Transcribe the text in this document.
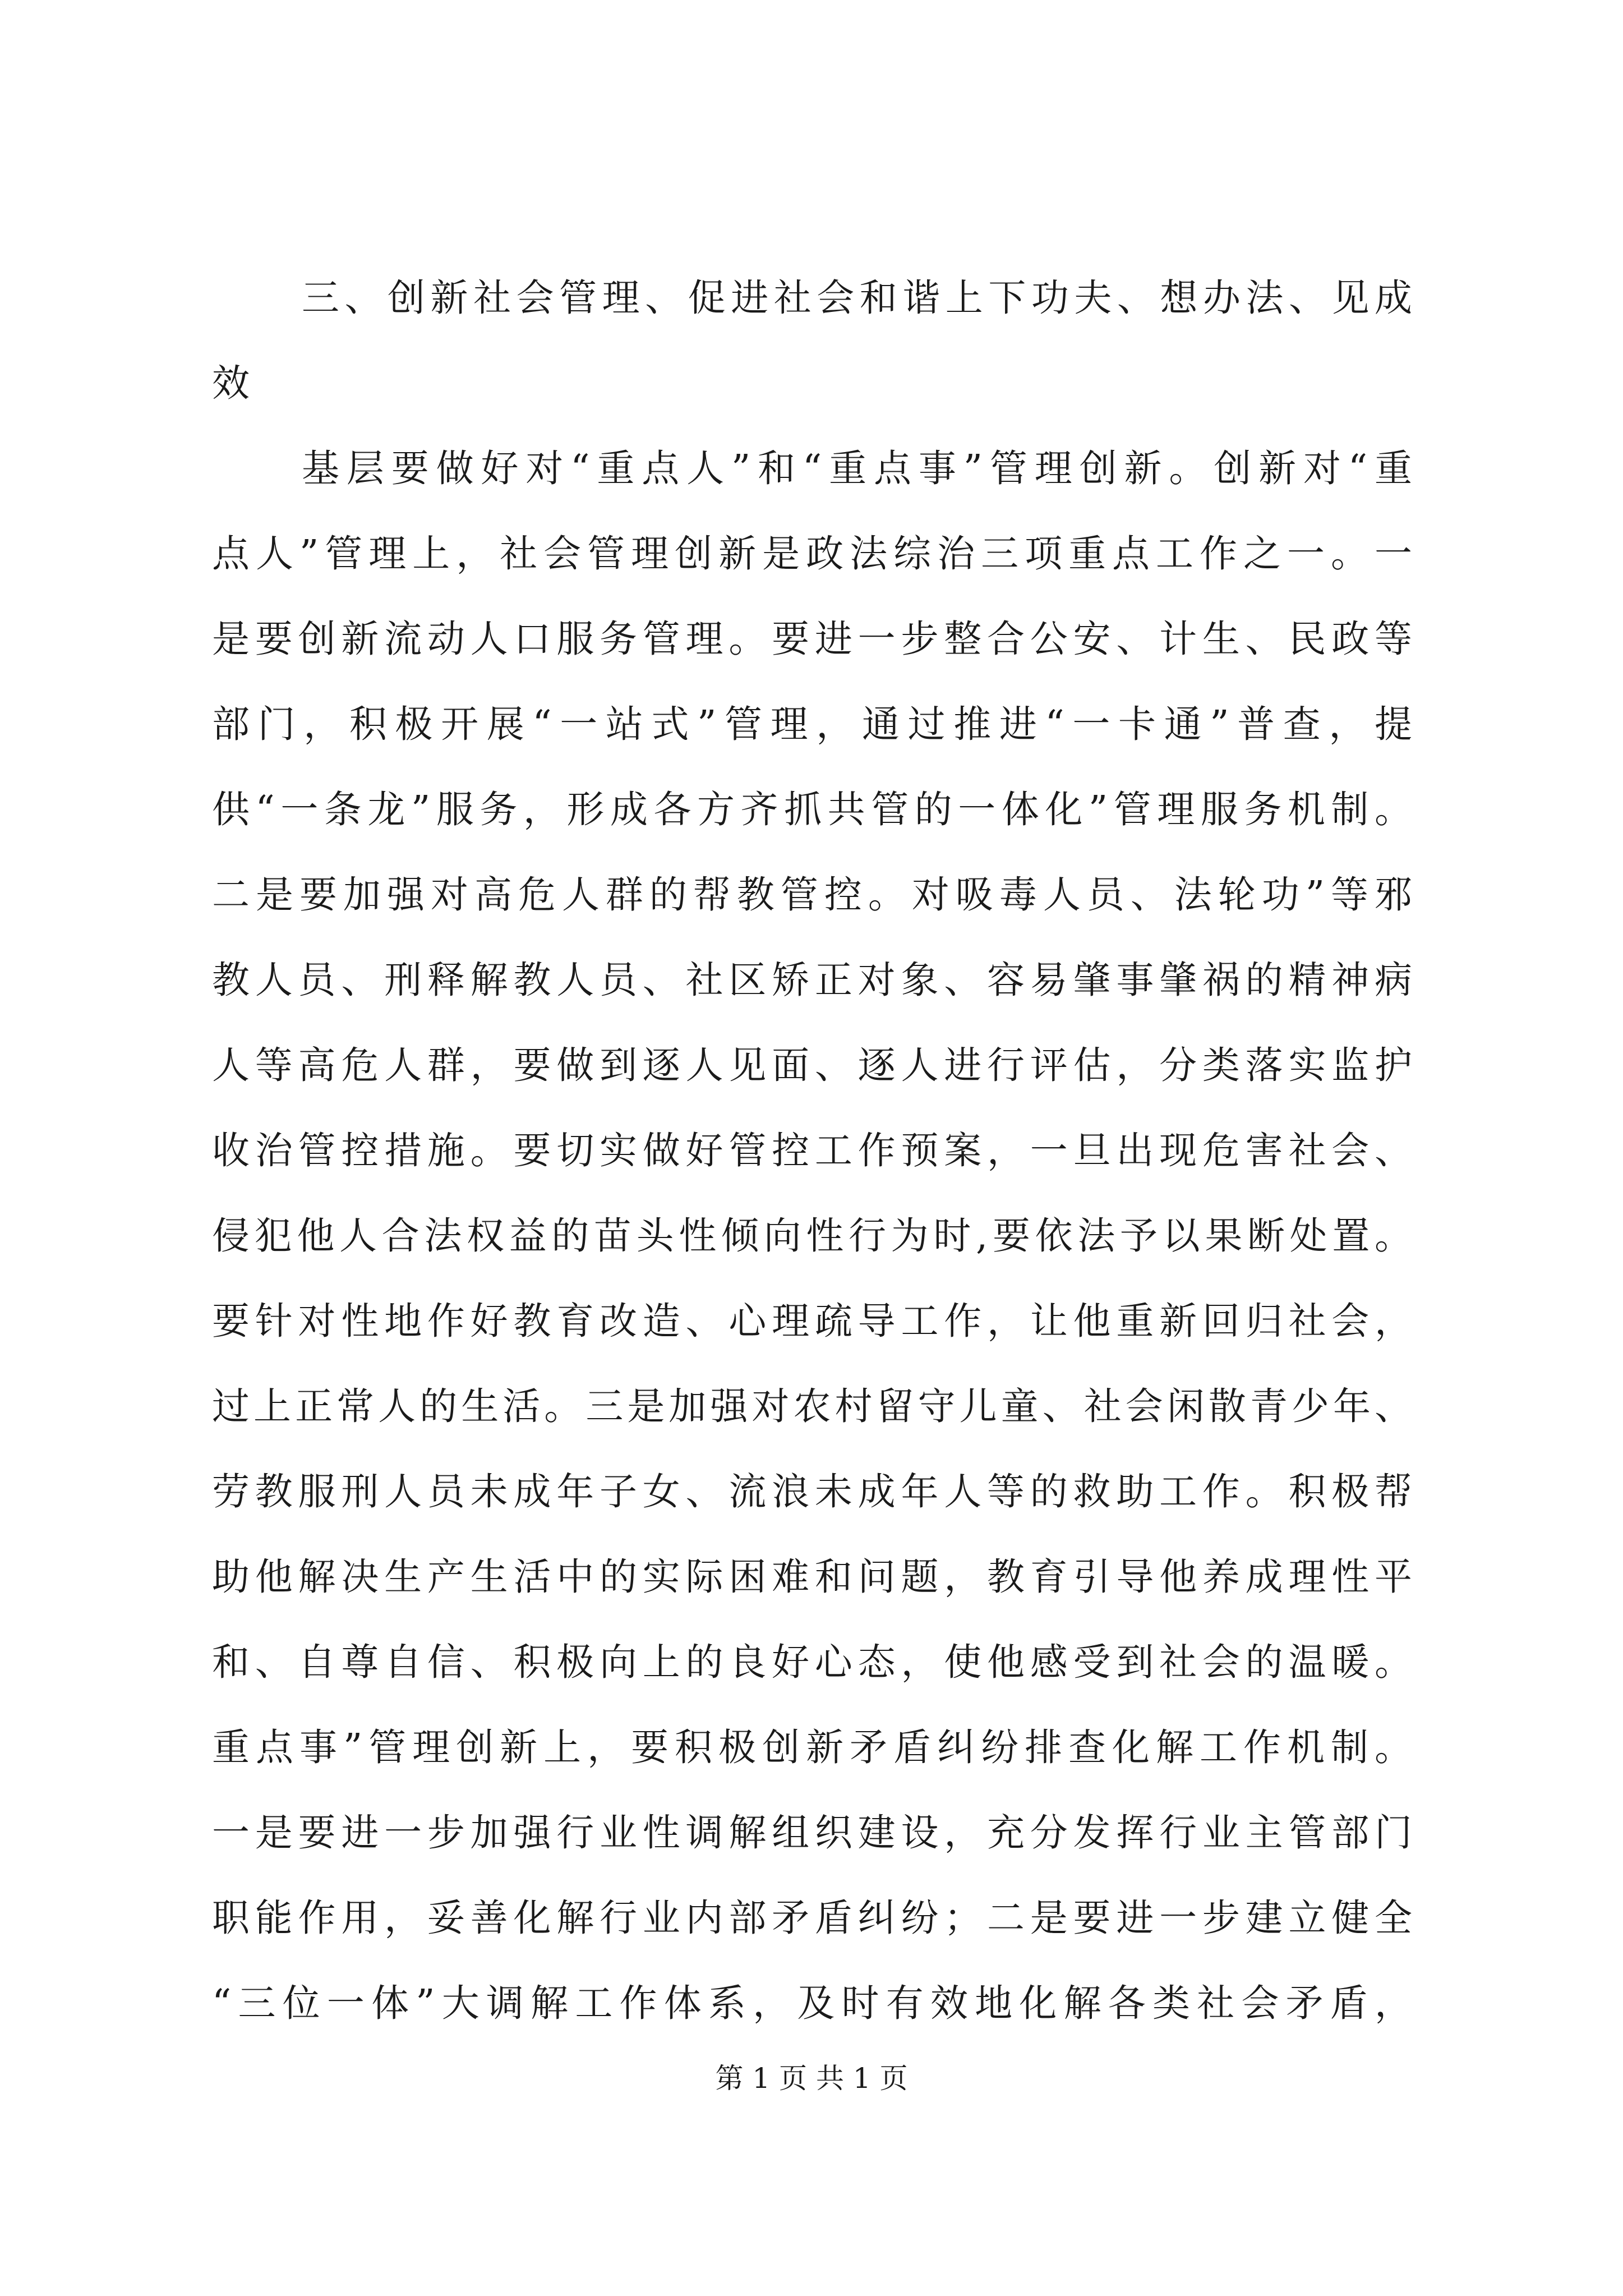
三、创新社会管理、促进社会和谐上下功夫、想办法、见成
效
基层要做好对“重点人”和“重点事”管理创新。创新对“重
点人”管理上，社会管理创新是政法综治三项重点工作之一。一
是要创新流动人口服务管理。要进一步整合公安、计生、民政等
部门，积极开展“一站式”管理，通过推进“一卡通”普查，提
供“一条龙”服务，形成各方齐抓共管的一体化”管理服务机制。
二是要加强对高危人群的帮教管控。对吸毒人员、法轮功”等邪
教人员、刑释解教人员、社区矫正对象、容易肇事肇祸的精神病
人等高危人群，要做到逐人见面、逐人进行评估，分类落实监护
收治管控措施。要切实做好管控工作预案，一旦出现危害社会、
侵犯他人合法权益的苗头性倾向性行为时,要依法予以果断处置。
要针对性地作好教育改造、心理疏导工作，让他重新回归社会，
过上正常人的生活。三是加强对农村留守儿童、社会闲散青少年、
劳教服刑人员未成年子女、流浪未成年人等的救助工作。积极帮
助他解决生产生活中的实际困难和问题，教育引导他养成理性平
和、自尊自信、积极向上的良好心态，使他感受到社会的温暖。
重点事”管理创新上，要积极创新矛盾纠纷排查化解工作机制。
一是要进一步加强行业性调解组织建设，充分发挥行业主管部门
职能作用，妥善化解行业内部矛盾纠纷；二是要进一步建立健全
“三位一体”大调解工作体系，及时有效地化解各类社会矛盾，
第 1 页 共 1 页
